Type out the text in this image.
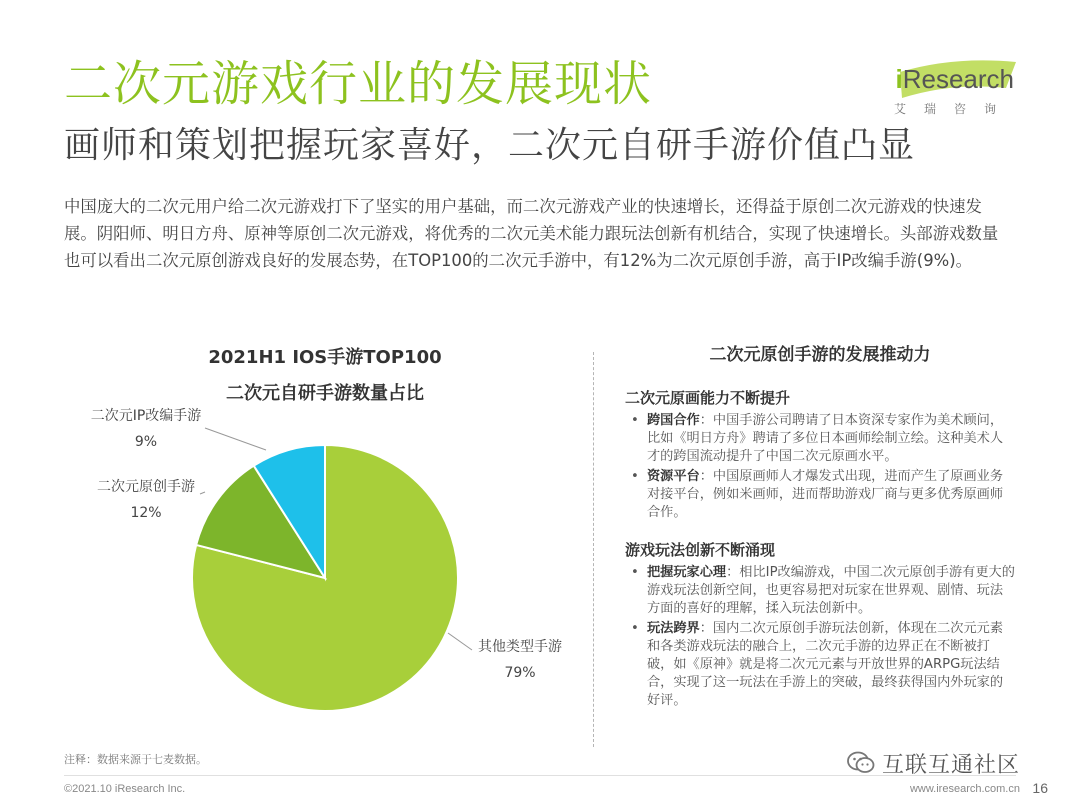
二次元游戏行业的发展现状
画师和策划把握玩家喜好，二次元自研手游价值凸显
iResearch
艾瑞咨询
中国庞大的二次元用户给二次元游戏打下了坚实的用户基础，而二次元游戏产业的快速增长，还得益于原创二次元游戏的快速发展。阴阳师、明日方舟、原神等原创二次元游戏，将优秀的二次元美术能力跟玩法创新有机结合，实现了快速增长。头部游戏数量也可以看出二次元原创游戏良好的发展态势，在TOP100的二次元手游中，有12%为二次元原创手游，高于IP改编手游(9%)。
2021H1 IOS手游TOP100
二次元自研手游数量占比
其他类型手游
79%
二次元原创手游
12%
二次元IP改编手游
9%
二次元原创手游的发展推动力
二次元原画能力不断提升
• 跨国合作：中国手游公司聘请了日本资深专家作为美术顾问，比如《明日方舟》聘请了多位日本画师绘制立绘。这种美术人才的跨国流动提升了中国二次元原画水平。
• 资源平台：中国原画师人才爆发式出现，进而产生了原画业务对接平台，例如米画师，进而帮助游戏厂商与更多优秀原画师合作。
游戏玩法创新不断涌现
• 把握玩家心理：相比IP改编游戏，中国二次元原创手游有更大的游戏玩法创新空间，也更容易把对玩家在世界观、剧情、玩法方面的喜好的理解，揉入玩法创新中。
• 玩法跨界：国内二次元原创手游玩法创新，体现在二次元元素和各类游戏玩法的融合上，二次元手游的边界正在不断被打破，如《原神》就是将二次元元素与开放世界的ARPG玩法结合，实现了这一玩法在手游上的突破，最终获得国内外玩家的好评。
注释：数据来源于七麦数据。	互联互通社区
©2021.10 iResearch Inc.	www.iresearch.com.cn 16
